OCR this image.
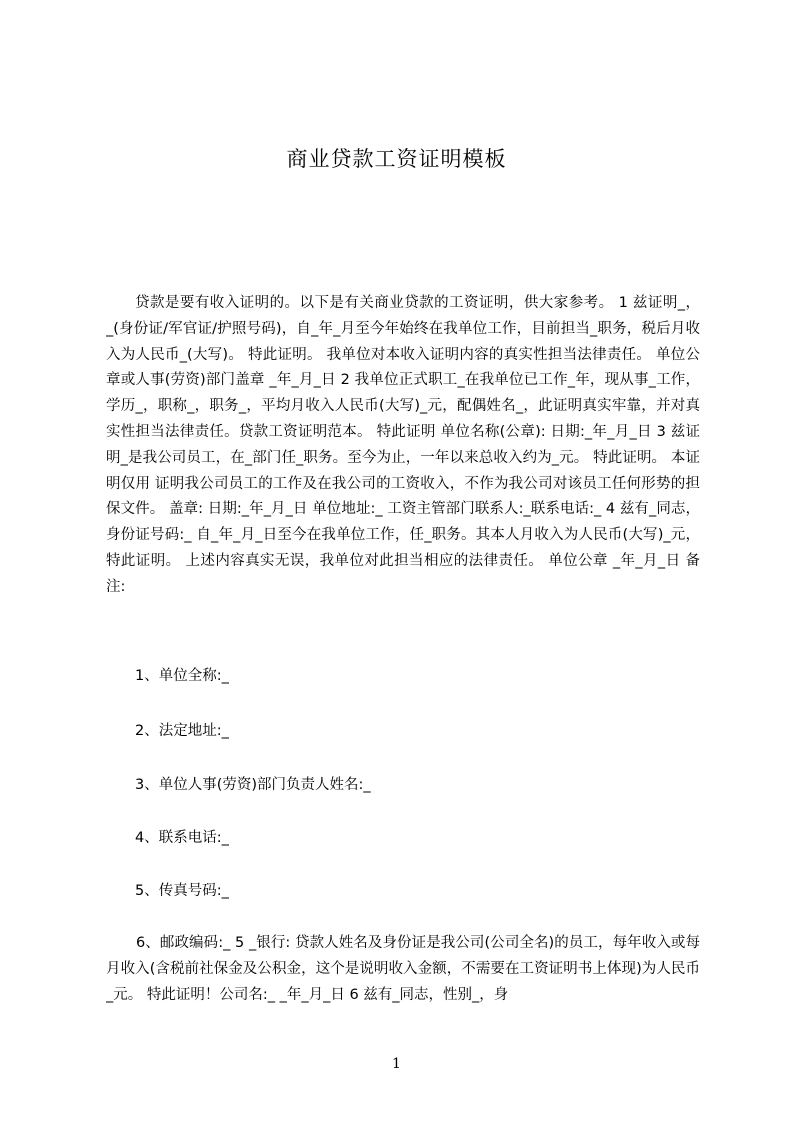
商业贷款工资证明模板

贷款是要有收入证明的。以下是有关商业贷款的工资证明，供大家参考。 1 兹证明_，_(身份证/军官证/护照号码)，自_年_月至今年始终在我单位工作，目前担当_职务，税后月收入为人民币_(大写)。 特此证明。 我单位对本收入证明内容的真实性担当法律责任。 单位公章或人事(劳资)部门盖章 _年_月_日 2 我单位正式职工_在我单位已工作_年，现从事_工作，学历_，职称_，职务_，平均月收入人民币(大写)_元，配偶姓名_，此证明真实牢靠，并对真实性担当法律责任。贷款工资证明范本。 特此证明 单位名称(公章): 日期:_年_月_日 3 兹证明_是我公司员工，在_部门任_职务。至今为止，一年以来总收入约为_元。 特此证明。 本证明仅用 证明我公司员工的工作及在我公司的工资收入，不作为我公司对该员工任何形势的担保文件。 盖章: 日期:_年_月_日 单位地址:_ 工资主管部门联系人:_联系电话:_ 4 兹有_同志，身份证号码:_ 自_年_月_日至今在我单位工作，任_职务。其本人月收入为人民币(大写)_元，特此证明。 上述内容真实无误，我单位对此担当相应的法律责任。 单位公章 _年_月_日 备注:

1、单位全称:_
2、法定地址:_
3、单位人事(劳资)部门负责人姓名:_
4、联系电话:_
5、传真号码:_

6、邮政编码:_ 5 _银行: 贷款人姓名及身份证是我公司(公司全名)的员工，每年收入或每月收入(含税前社保金及公积金，这个是说明收入金额，不需要在工资证明书上体现)为人民币_元。 特此证明！公司名:_ _年_月_日 6 兹有_同志，性别_，身

1
